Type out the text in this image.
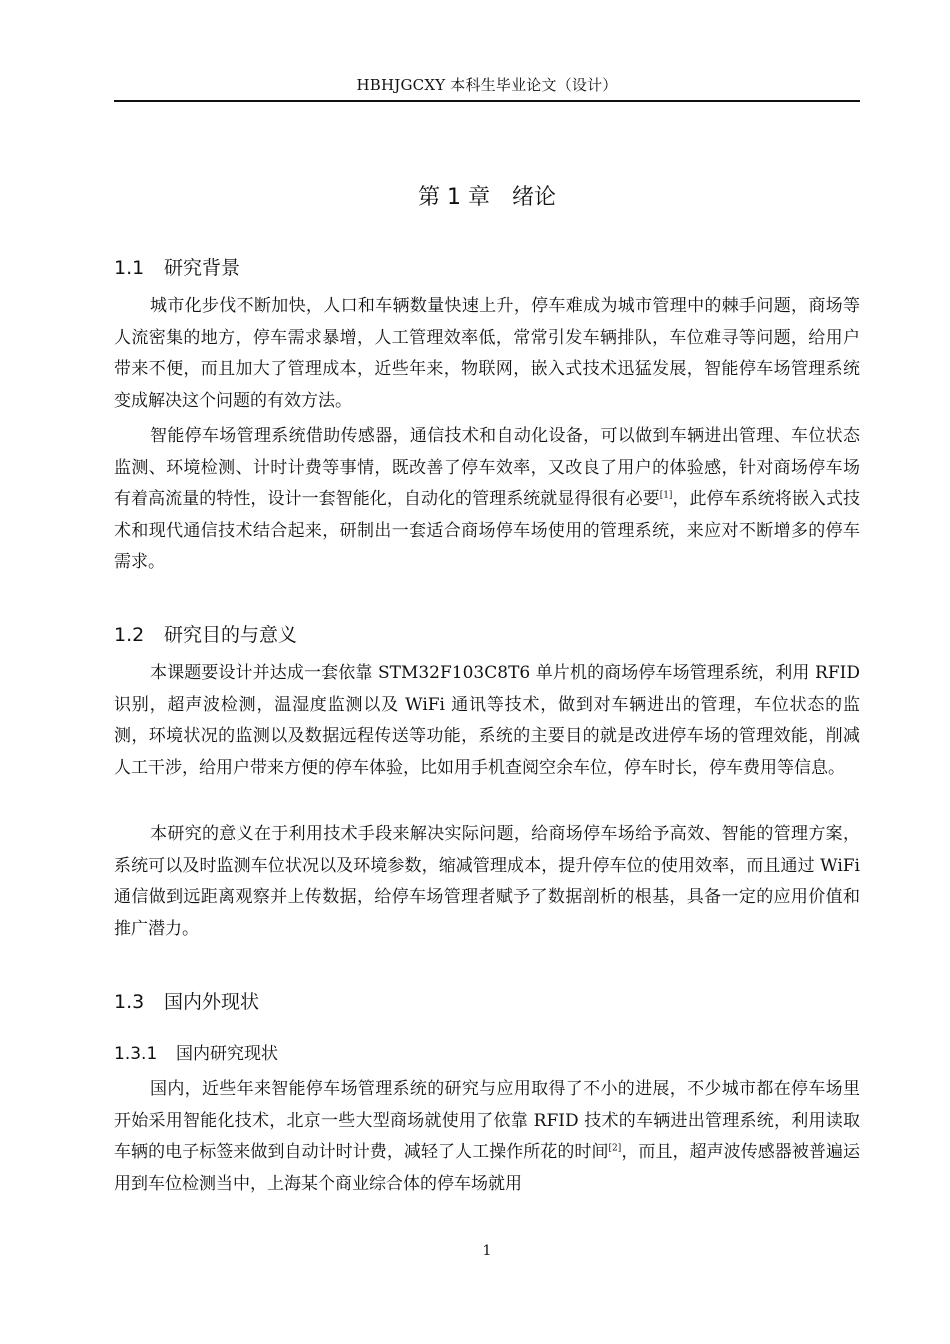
HBHJGCXY 本科生毕业论文（设计）
第 1 章　绪论
1.1 研究背景

城市化步伐不断加快，人口和车辆数量快速上升，停车难成为城市管理中的棘手问题，商场等人流密集的地方，停车需求暴增，人工管理效率低，常常引发车辆排队，车位难寻等问题，给用户带来不便，而且加大了管理成本，近些年来，物联网，嵌入式技术迅猛发展，智能停车场管理系统变成解决这个问题的有效方法。

智能停车场管理系统借助传感器，通信技术和自动化设备，可以做到车辆进出管理、车位状态监测、环境检测、计时计费等事情，既改善了停车效率，又改良了用户的体验感，针对商场停车场有着高流量的特性，设计一套智能化，自动化的管理系统就显得很有必要[1]，此停车系统将嵌入式技术和现代通信技术结合起来，研制出一套适合商场停车场使用的管理系统，来应对不断增多的停车需求。

1.2 研究目的与意义

本课题要设计并达成一套依靠 STM32F103C8T6 单片机的商场停车场管理系统，利用 RFID 识别，超声波检测，温湿度监测以及 WiFi 通讯等技术，做到对车辆进出的管理，车位状态的监测，环境状况的监测以及数据远程传送等功能，系统的主要目的就是改进停车场的管理效能，削减人工干涉，给用户带来方便的停车体验，比如用手机查阅空余车位，停车时长，停车费用等信息。

本研究的意义在于利用技术手段来解决实际问题，给商场停车场给予高效、智能的管理方案，系统可以及时监测车位状况以及环境参数，缩减管理成本，提升停车位的使用效率，而且通过 WiFi 通信做到远距离观察并上传数据，给停车场管理者赋予了数据剖析的根基，具备一定的应用价值和推广潜力。

1.3 国内外现状
1.3.1 国内研究现状

国内，近些年来智能停车场管理系统的研究与应用取得了不小的进展，不少城市都在停车场里开始采用智能化技术，北京一些大型商场就使用了依靠 RFID 技术的车辆进出管理系统，利用读取车辆的电子标签来做到自动计时计费，减轻了人工操作所花的时间[2]，而且，超声波传感器被普遍运用到车位检测当中，上海某个商业综合体的停车场就用

1
